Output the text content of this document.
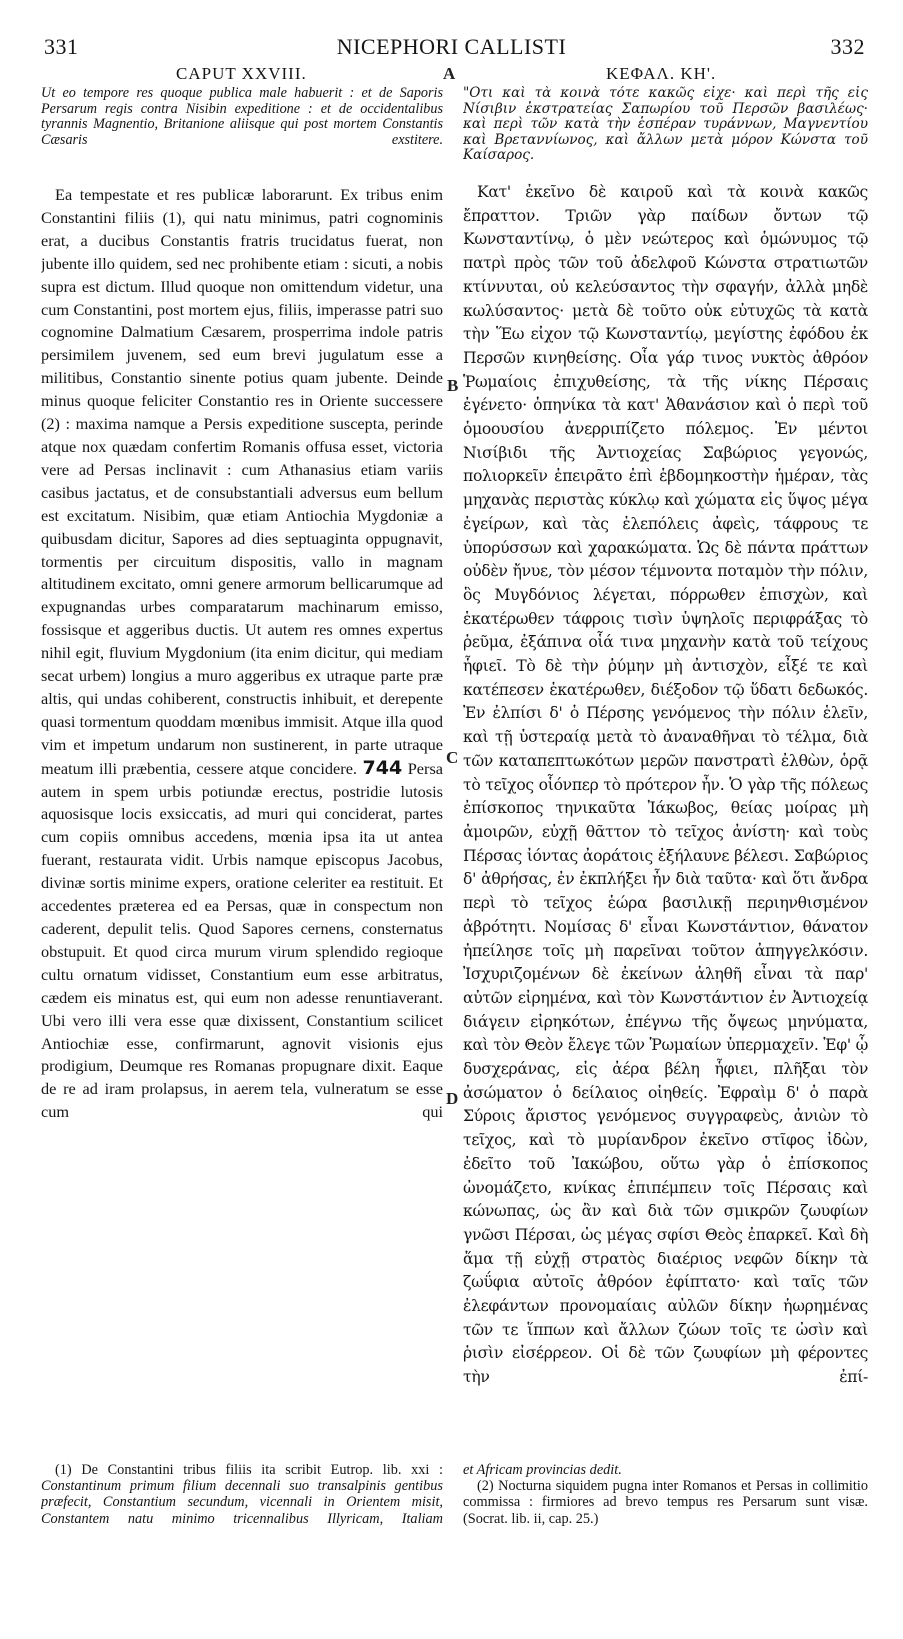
331	NICEPHORI CALLISTI	332
CAPUT XXVIII.	A	ΚΕΦΑΛ. ΚΗ'.
B
C
D

Ut eo tempore res quoque publica male habuerit : et de Saporis Persarum regis contra Nisibin expeditione : et de occidentalibus tyrannis Magnentio, Britanione aliisque qui post mortem Constantis Cæsaris exstitere.

"Οτι καὶ τὰ κοινὰ τότε κακῶς εἶχε· καὶ περὶ τῆς εἰς Νίσιβιν ἐκστρατείας Σαπωρίου τοῦ Περσῶν βασιλέως· καὶ περὶ τῶν κατὰ τὴν ἑσπέραν τυράννων, Μαγνεντίου καὶ Βρεταννίωνος, καὶ ἄλλων μετὰ μόρον Κώνστα τοῦ Καίσαρος.

Ea tempestate et res publicæ laborarunt. Ex tribus enim Constantini filiis (1), qui natu minimus, patri cognominis erat, a ducibus Constantis fratris trucidatus fuerat, non jubente illo quidem, sed nec prohibente etiam : sicuti, a nobis supra est dictum. Illud quoque non omittendum videtur, una cum Constantini, post mortem ejus, filiis, imperasse patri suo cognomine Dalmatium Cæsarem, prosperrima indole patris persimilem juvenem, sed eum brevi jugulatum esse a militibus, Constantio sinente potius quam jubente. Deinde minus quoque feliciter Constantio res in Oriente successere (2) : maxima namque a Persis expeditione suscepta, perinde atque nox quædam confertim Romanis offusa esset, victoria vere ad Persas inclinavit : cum Athanasius etiam variis casibus jactatus, et de consubstantiali adversus eum bellum est excitatum. Nisibim, quæ etiam Antiochia Mygdoniæ a quibusdam dicitur, Sapores ad dies septuaginta oppugnavit, tormentis per circuitum dispositis, vallo in magnam altitudinem excitato, omni genere armorum bellicarumque ad expugnandas urbes comparatarum machinarum emisso, fossisque et aggeribus ductis. Ut autem res omnes expertus nihil egit, fluvium Mygdonium (ita enim dicitur, qui mediam secat urbem) longius a muro aggeribus ex utraque parte præ altis, qui undas cohiberent, constructis inhibuit, et derepente quasi tormentum quoddam mœnibus immisit. Atque illa quod vim et impetum undarum non sustinerent, in parte utraque meatum illi præbentia, cessere atque concidere. 744 Persa autem in spem urbis potiundæ erectus, postridie lutosis aquosisque locis exsiccatis, ad muri qui conciderat, partes cum copiis omnibus accedens, mœnia ipsa ita ut antea fuerant, restaurata vidit. Urbis namque episcopus Jacobus, divinæ sortis minime expers, oratione celeriter ea restituit. Et accedentes præterea ed ea Persas, quæ in conspectum non caderent, depulit telis. Quod Sapores cernens, consternatus obstupuit. Et quod circa murum virum splendido regioque cultu ornatum vidisset, Constantium eum esse arbitratus, cædem eis minatus est, qui eum non adesse renuntiaverant. Ubi vero illi vera esse quæ dixissent, Constantium scilicet Antiochiæ esse, confirmarunt, agnovit visionis ejus prodigium, Deumque res Romanas propugnare dixit. Eaque de re ad iram prolapsus, in aerem tela, vulneratum se esse cum qui

Κατ' ἐκεῖνο δὲ καιροῦ καὶ τὰ κοινὰ κακῶς ἔπραττον. Τριῶν γὰρ παίδων ὄντων τῷ Κωνσταντίνῳ, ὁ μὲν νεώτερος καὶ ὁμώνυμος τῷ πατρὶ πρὸς τῶν τοῦ ἀδελφοῦ Κώνστα στρατιωτῶν κτίννυται, οὐ κελεύσαντος τὴν σφαγήν, ἀλλὰ μηδὲ κωλύσαντος· μετὰ δὲ τοῦτο οὐκ εὐτυχῶς τὰ κατὰ τὴν Ἕω εἰχον τῷ Κωνσταντίῳ, μεγίστης ἐφόδου ἐκ Περσῶν κινηθείσης. Οἷα γάρ τινος νυκτὸς ἀθρόον Ῥωμαίοις ἐπιχυθείσης, τὰ τῆς νίκης Πέρσαις ἐγένετο· ὁπηνίκα τὰ κατ' Ἀθανάσιον καὶ ὁ περὶ τοῦ ὁμοουσίου ἀνερριπίζετο πόλεμος. Ἐν μέντοι Νισίβιδι τῆς Ἀντιοχείας Σαβώριος γεγονώς, πολιορκεῖν ἐπειρᾶτο ἐπὶ ἑβδομηκοστὴν ἡμέραν, τὰς μηχανὰς περιστὰς κύκλῳ καὶ χώματα εἰς ὕψος μέγα ἐγείρων, καὶ τὰς ἑλεπόλεις ἀφεὶς, τάφρους τε ὑπορύσσων καὶ χαρακώματα. Ὡς δὲ πάντα πράττων οὐδὲν ἤνυε, τὸν μέσον τέμνοντα ποταμὸν τὴν πόλιν, ὃς Μυγδόνιος λέγεται, πόρρωθεν ἐπισχὼν, καὶ ἑκατέρωθεν τάφροις τισὶν ὑψηλοῖς περιφράξας τὸ ῥεῦμα, ἐξάπινα οἷά τινα μηχανὴν κατὰ τοῦ τείχους ἧφιεῖ. Τὸ δὲ τὴν ῥύμην μὴ ἀντισχὸν, εἶξέ τε καὶ κατέπεσεν ἑκατέρωθεν, διέξοδον τῷ ὕδατι δεδωκός. Ἐν ἐλπίσι δ' ὁ Πέρσης γενόμενος τὴν πόλιν ἑλεῖν, καὶ τῇ ὑστεραίᾳ μετὰ τὸ ἀναναθῆναι τὸ τέλμα, διὰ τῶν καταπεπτωκότων μερῶν πανστρατὶ ἐλθὼν, ὁρᾷ τὸ τεῖχος οἷόνπερ τὸ πρότερον ἦν. Ὁ γὰρ τῆς πόλεως ἐπίσκοπος τηνικαῦτα Ἰάκωβος, θείας μοίρας μὴ ἀμοιρῶν, εὐχῇ θᾶττον τὸ τεῖχος ἀνίστη· καὶ τοὺς Πέρσας ἰόντας ἀοράτοις ἐξήλαυνε βέλεσι. Σαβώριος δ' ἀθρήσας, ἐν ἐκπλήξει ἦν διὰ ταῦτα· καὶ ὅτι ἄνδρα περὶ τὸ τεῖχος ἑώρα βασιλικῇ περιηνθισμένον ἀβρότητι. Νομίσας δ' εἶναι Κωνστάντιον, θάνατον ἠπείλησε τοῖς μὴ παρεῖναι τοῦτον ἀπηγγελκόσιν. Ἰσχυριζομένων δὲ ἐκείνων ἀληθῆ εἶναι τὰ παρ' αὐτῶν εἰρημένα, καὶ τὸν Κωνστάντιον ἐν Ἀντιοχείᾳ διάγειν εἰρηκότων, ἐπέγνω τῆς ὄψεως μηνύματα, καὶ τὸν Θεὸν ἔλεγε τῶν Ῥωμαίων ὑπερμαχεῖν. Ἐφ' ᾧ δυσχεράνας, εἰς ἀέρα βέλη ἧφιει, πλῆξαι τὸν ἀσώματον ὁ δείλαιος οἰηθείς. Ἐφραὶμ δ' ὁ παρὰ Σύροις ἄριστος γενόμενος συγγραφεὺς, ἀνιὼν τὸ τεῖχος, καὶ τὸ μυρίανδρον ἐκεῖνο στῖφος ἰδὼν, ἐδεῖτο τοῦ Ἰακώβου, οὕτω γὰρ ὁ ἐπίσκοπος ὠνομάζετο, κνίκας ἐπιπέμπειν τοῖς Πέρσαις καὶ κώνωπας, ὡς ἂν καὶ διὰ τῶν σμικρῶν ζωυφίων γνῶσι Πέρσαι, ὡς μέγας σφίσι Θεὸς ἐπαρκεῖ. Καὶ δὴ ἅμα τῇ εὐχῇ στρατὸς διαέριος νεφῶν δίκην τὰ ζωΰφια αὐτοῖς ἀθρόον ἐφίπτατο· καὶ ταῖς τῶν ἐλεφάντων προνομαίαις αὐλῶν δίκην ἡωρημένας τῶν τε ἵππων καὶ ἄλλων ζώων τοῖς τε ὠσὶν καὶ ῥισὶν εἰσέρρεον. Οἱ δὲ τῶν ζωυφίων μὴ φέροντες τὴν ἐπί-

(1) De Constantini tribus filiis ita scribit Eutrop. lib. xxi : Constantinum primum filium decennali suo transalpinis gentibus præfecit, Constantium secundum, vicennali in Orientem misit, Constantem natu minimo tricennalibus Illyricam, Italiam

et Africam provincias dedit.

(2) Nocturna siquidem pugna inter Romanos et Persas in collimitio commissa : firmiores ad brevo tempus res Persarum sunt visæ. (Socrat. lib. ii, cap. 25.)
